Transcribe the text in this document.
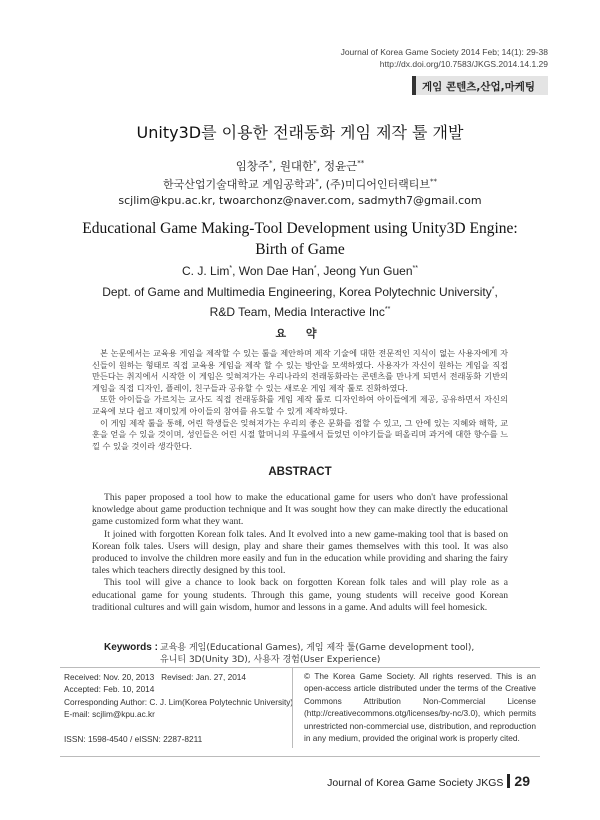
Journal of Korea Game Society 2014 Feb; 14(1): 29-38
http://dx.doi.org/10.7583/JKGS.2014.14.1.29
게임 콘텐츠,산업,마케팅
Unity3D를 이용한 전래동화 게임 제작 툴 개발
임창주*, 원대한*, 정윤근**
한국산업기술대학교 게임공학과*, (주)미디어인터랙티브**
scjlim@kpu.ac.kr, twoarchonz@naver.com, sadmyth7@gmail.com
Educational Game Making-Tool Development using Unity3D Engine:
Birth of Game
C. J. Lim*, Won Dae Han*, Jeong Yun Guen**
Dept. of Game and Multimedia Engineering, Korea Polytechnic University*,
R&D Team, Media Interactive Inc**
요 약

본 논문에서는 교육용 게임을 제작할 수 있는 툴을 제안하며 제작 기술에 대한 전문적인 지식이 없는 사용자에게 자신들이 원하는 형태로 직접 교육용 게임을 제작 할 수 있는 방안을 모색하였다. 사용자가 자신이 원하는 게임을 직접 만든다는 취지에서 시작한 이 게임은 잊혀져가는 우리나라의 전래동화라는 콘텐츠를 만나게 되면서 전래동화 기반의 게임을 직접 디자인, 플레이, 친구들과 공유할 수 있는 새로운 게임 제작 툴로 진화하였다.

또한 아이들을 가르치는 교사도 직접 전래동화를 게임 제작 툴로 디자인하여 아이들에게 제공, 공유하면서 자신의 교육에 보다 쉽고 재미있게 아이들의 참여를 유도할 수 있게 제작하였다.

이 게임 제작 툴을 통해, 어린 학생들은 잊혀져가는 우리의 좋은 문화를 접할 수 있고, 그 안에 있는 지혜와 해학, 교훈을 얻을 수 있을 것이며, 성인들은 어린 시절 할머니의 무릎에서 들었던 이야기들을 떠올리며 과거에 대한 향수를 느낄 수 있을 것이라 생각한다.

ABSTRACT

This paper proposed a tool how to make the educational game for users who don't have professional knowledge about game production technique and It was sought how they can make directly the educational game customized form what they want.

It joined with forgotten Korean folk tales. And It evolved into a new game-making tool that is based on Korean folk tales. Users will design, play and share their games themselves with this tool. It was also produced to involve the children more easily and fun in the education while providing and sharing the fairy tales which teachers directly designed by this tool.

This tool will give a chance to look back on forgotten Korean folk tales and will play role as a educational game for young students. Through this game, young students will receive good Korean traditional cultures and will gain wisdom, humor and lessons in a game. And adults will feel homesick.

Keywords : 교육용 게임(Educational Games), 게임 제작 툴(Game development tool),
유니티 3D(Unity 3D), 사용자 경험(User Experience)
Received: Nov. 20, 2013 Revised: Jan. 27, 2014
Accepted: Feb. 10, 2014
Corresponding Author: C. J. Lim(Korea Polytechnic University)
E-mail: scjlim@kpu.ac.kr
ISSN: 1598-4540 / eISSN: 2287-8211
© The Korea Game Society. All rights reserved. This is an open-access article distributed under the terms of the Creative Commons Attribution Non-Commercial License (http://creativecommons.otg/licenses/by-nc/3.0), which permits unrestricted non-commercial use, distribution, and reproduction in any medium, provided the original work is properly cited.
Journal of Korea Game Society JKGS 29
